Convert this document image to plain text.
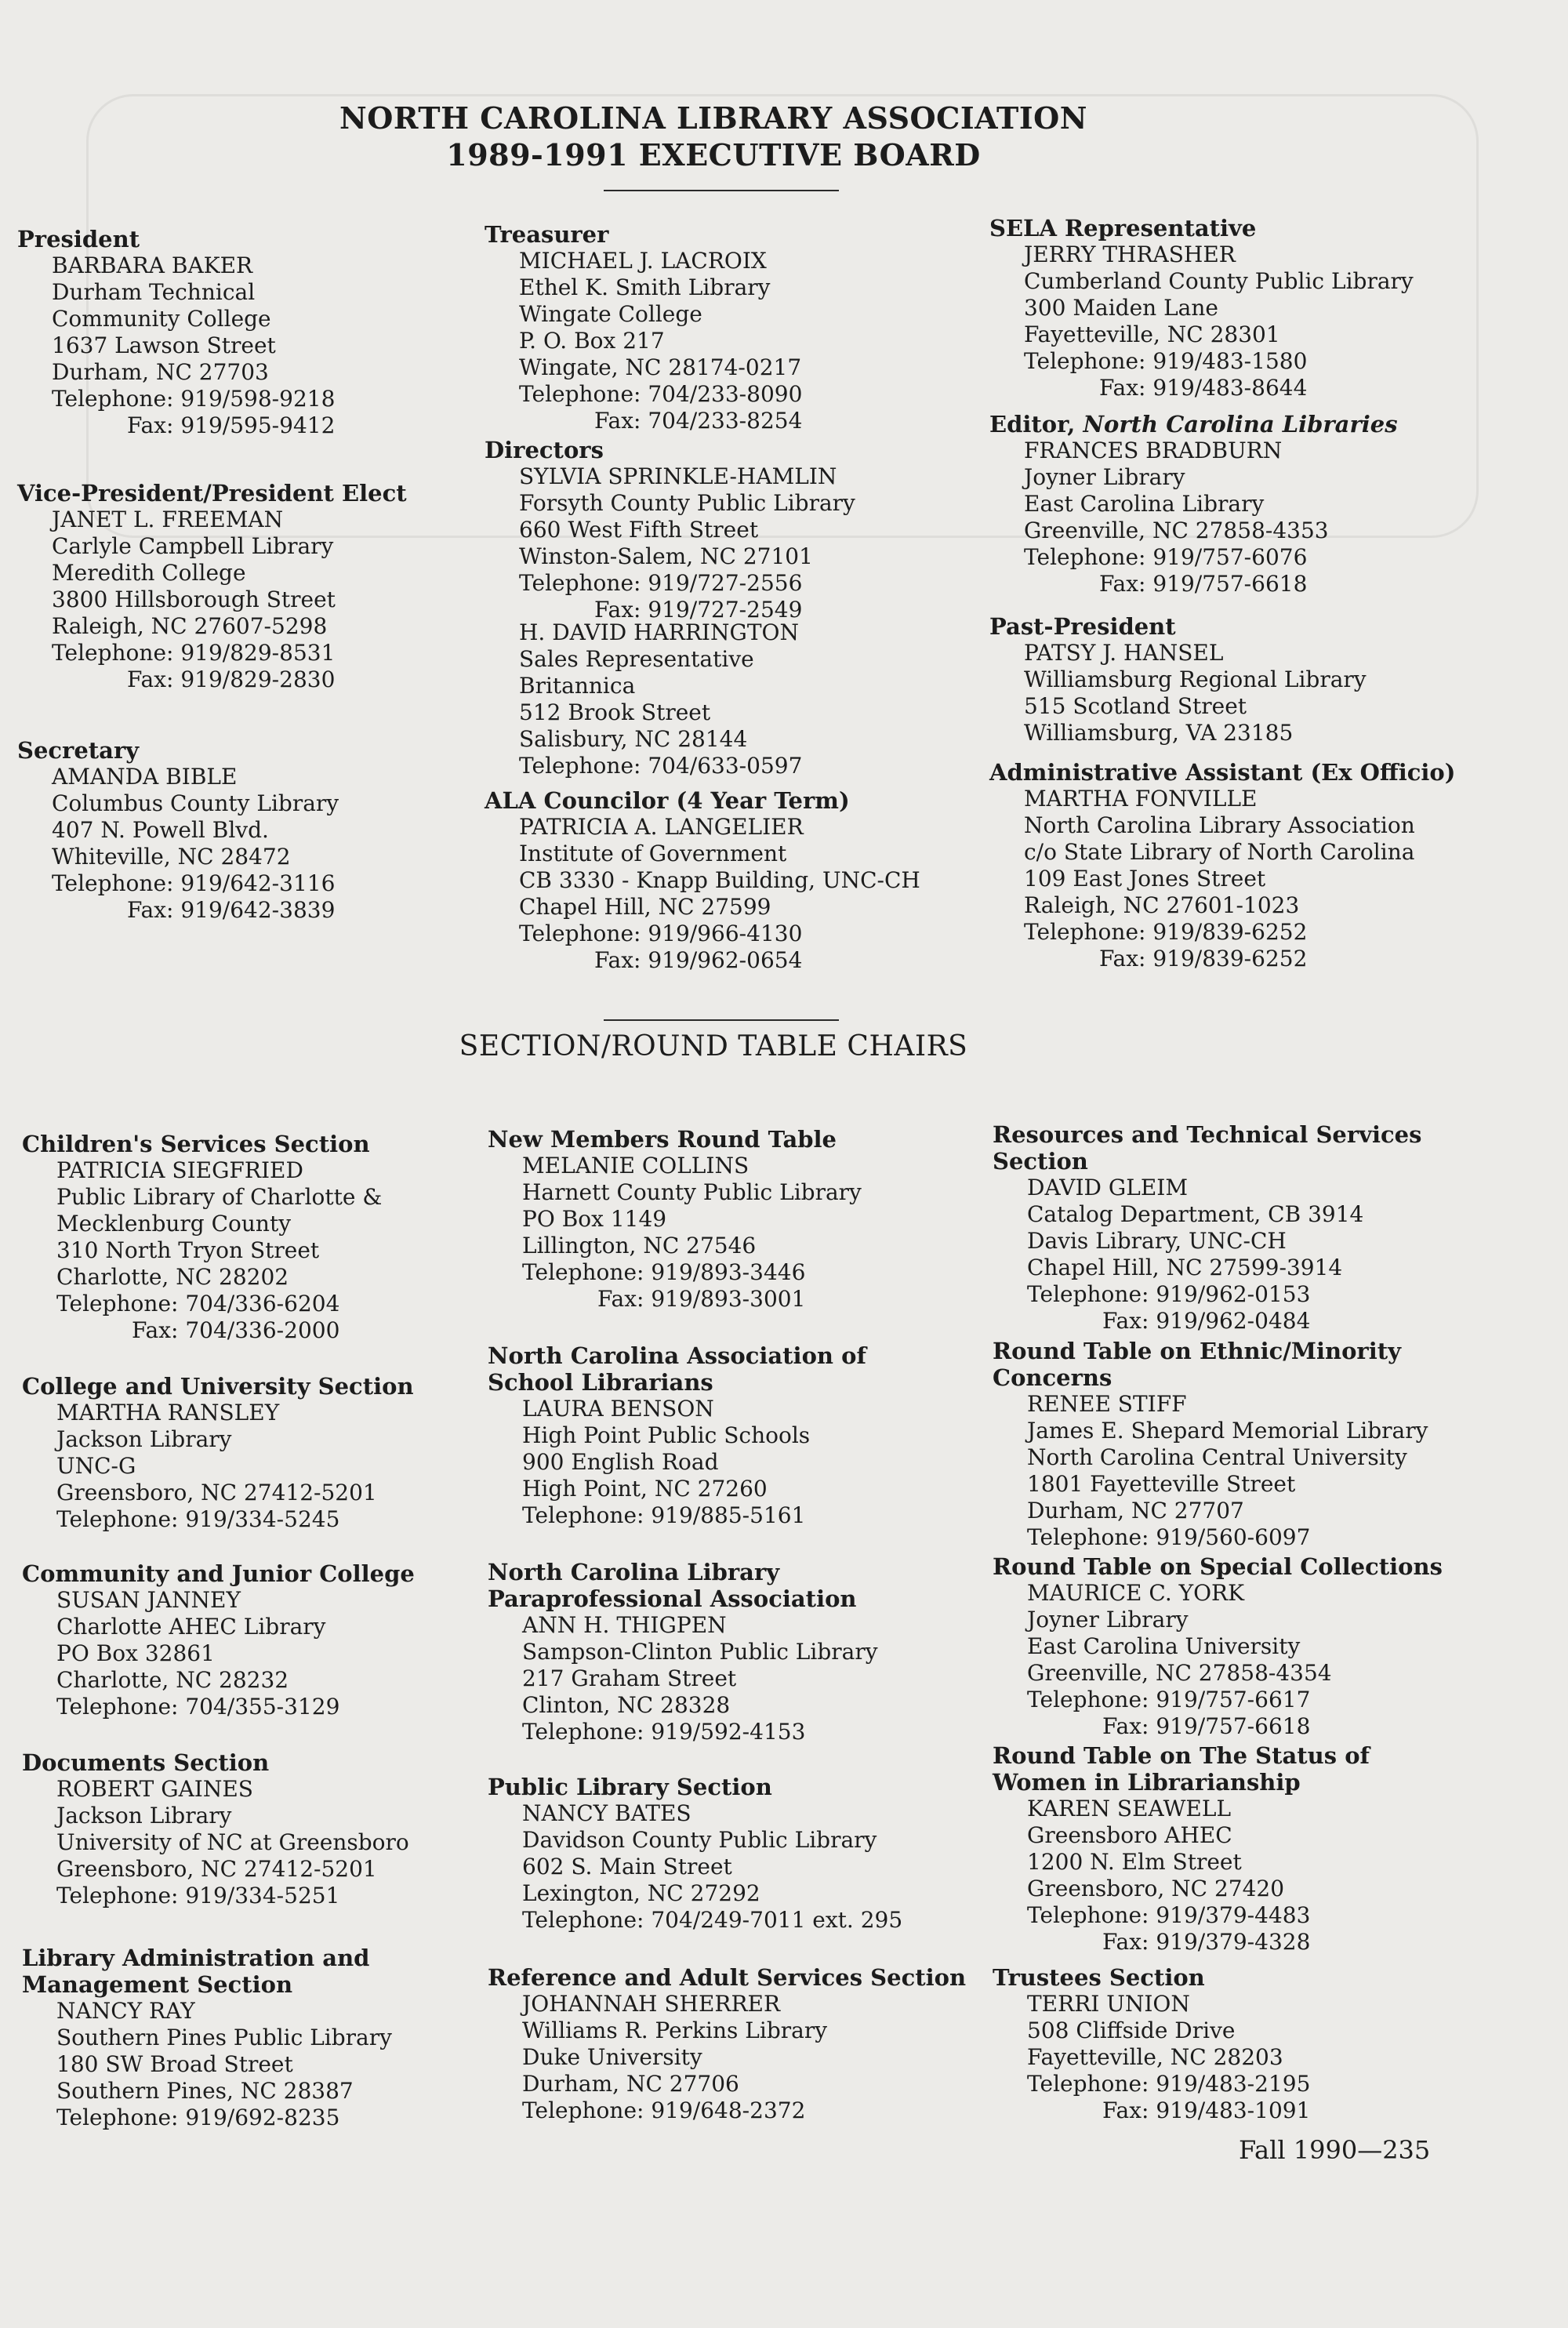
NORTH CAROLINA LIBRARY ASSOCIATION
1989-1991 EXECUTIVE BOARD
President
BARBARA BAKER
Durham Technical
Community College
1637 Lawson Street
Durham, NC 27703
Telephone: 919/598-9218
Fax: 919/595-9412
Vice-President/President Elect
JANET L. FREEMAN
Carlyle Campbell Library
Meredith College
3800 Hillsborough Street
Raleigh, NC 27607-5298
Telephone: 919/829-8531
Fax: 919/829-2830
Secretary
AMANDA BIBLE
Columbus County Library
407 N. Powell Blvd.
Whiteville, NC 28472
Telephone: 919/642-3116
Fax: 919/642-3839
Treasurer
MICHAEL J. LACROIX
Ethel K. Smith Library
Wingate College
P. O. Box 217
Wingate, NC 28174-0217
Telephone: 704/233-8090
Fax: 704/233-8254
Directors
SYLVIA SPRINKLE-HAMLIN
Forsyth County Public Library
660 West Fifth Street
Winston-Salem, NC 27101
Telephone: 919/727-2556
Fax: 919/727-2549
H. DAVID HARRINGTON
Sales Representative
Britannica
512 Brook Street
Salisbury, NC 28144
Telephone: 704/633-0597
ALA Councilor (4 Year Term)
PATRICIA A. LANGELIER
Institute of Government
CB 3330 - Knapp Building, UNC-CH
Chapel Hill, NC 27599
Telephone: 919/966-4130
Fax: 919/962-0654
SELA Representative
JERRY THRASHER
Cumberland County Public Library
300 Maiden Lane
Fayetteville, NC 28301
Telephone: 919/483-1580
Fax: 919/483-8644
Editor, North Carolina Libraries
FRANCES BRADBURN
Joyner Library
East Carolina Library
Greenville, NC 27858-4353
Telephone: 919/757-6076
Fax: 919/757-6618
Past-President
PATSY J. HANSEL
Williamsburg Regional Library
515 Scotland Street
Williamsburg, VA 23185
Administrative Assistant (Ex Officio)
MARTHA FONVILLE
North Carolina Library Association
c/o State Library of North Carolina
109 East Jones Street
Raleigh, NC 27601-1023
Telephone: 919/839-6252
Fax: 919/839-6252
SECTION/ROUND TABLE CHAIRS
Children's Services Section
PATRICIA SIEGFRIED
Public Library of Charlotte &
Mecklenburg County
310 North Tryon Street
Charlotte, NC 28202
Telephone: 704/336-6204
Fax: 704/336-2000
College and University Section
MARTHA RANSLEY
Jackson Library
UNC-G
Greensboro, NC 27412-5201
Telephone: 919/334-5245
Community and Junior College
SUSAN JANNEY
Charlotte AHEC Library
PO Box 32861
Charlotte, NC 28232
Telephone: 704/355-3129
Documents Section
ROBERT GAINES
Jackson Library
University of NC at Greensboro
Greensboro, NC 27412-5201
Telephone: 919/334-5251
Library Administration and
Management Section
NANCY RAY
Southern Pines Public Library
180 SW Broad Street
Southern Pines, NC 28387
Telephone: 919/692-8235
New Members Round Table
MELANIE COLLINS
Harnett County Public Library
PO Box 1149
Lillington, NC 27546
Telephone: 919/893-3446
Fax: 919/893-3001
North Carolina Association of
School Librarians
LAURA BENSON
High Point Public Schools
900 English Road
High Point, NC 27260
Telephone: 919/885-5161
North Carolina Library
Paraprofessional Association
ANN H. THIGPEN
Sampson-Clinton Public Library
217 Graham Street
Clinton, NC 28328
Telephone: 919/592-4153
Public Library Section
NANCY BATES
Davidson County Public Library
602 S. Main Street
Lexington, NC 27292
Telephone: 704/249-7011 ext. 295
Reference and Adult Services Section
JOHANNAH SHERRER
Williams R. Perkins Library
Duke University
Durham, NC 27706
Telephone: 919/648-2372
Resources and Technical Services
Section
DAVID GLEIM
Catalog Department, CB 3914
Davis Library, UNC-CH
Chapel Hill, NC 27599-3914
Telephone: 919/962-0153
Fax: 919/962-0484
Round Table on Ethnic/Minority
Concerns
RENEE STIFF
James E. Shepard Memorial Library
North Carolina Central University
1801 Fayetteville Street
Durham, NC 27707
Telephone: 919/560-6097
Round Table on Special Collections
MAURICE C. YORK
Joyner Library
East Carolina University
Greenville, NC 27858-4354
Telephone: 919/757-6617
Fax: 919/757-6618
Round Table on The Status of
Women in Librarianship
KAREN SEAWELL
Greensboro AHEC
1200 N. Elm Street
Greensboro, NC 27420
Telephone: 919/379-4483
Fax: 919/379-4328
Trustees Section
TERRI UNION
508 Cliffside Drive
Fayetteville, NC 28203
Telephone: 919/483-2195
Fax: 919/483-1091
Fall 1990—235
